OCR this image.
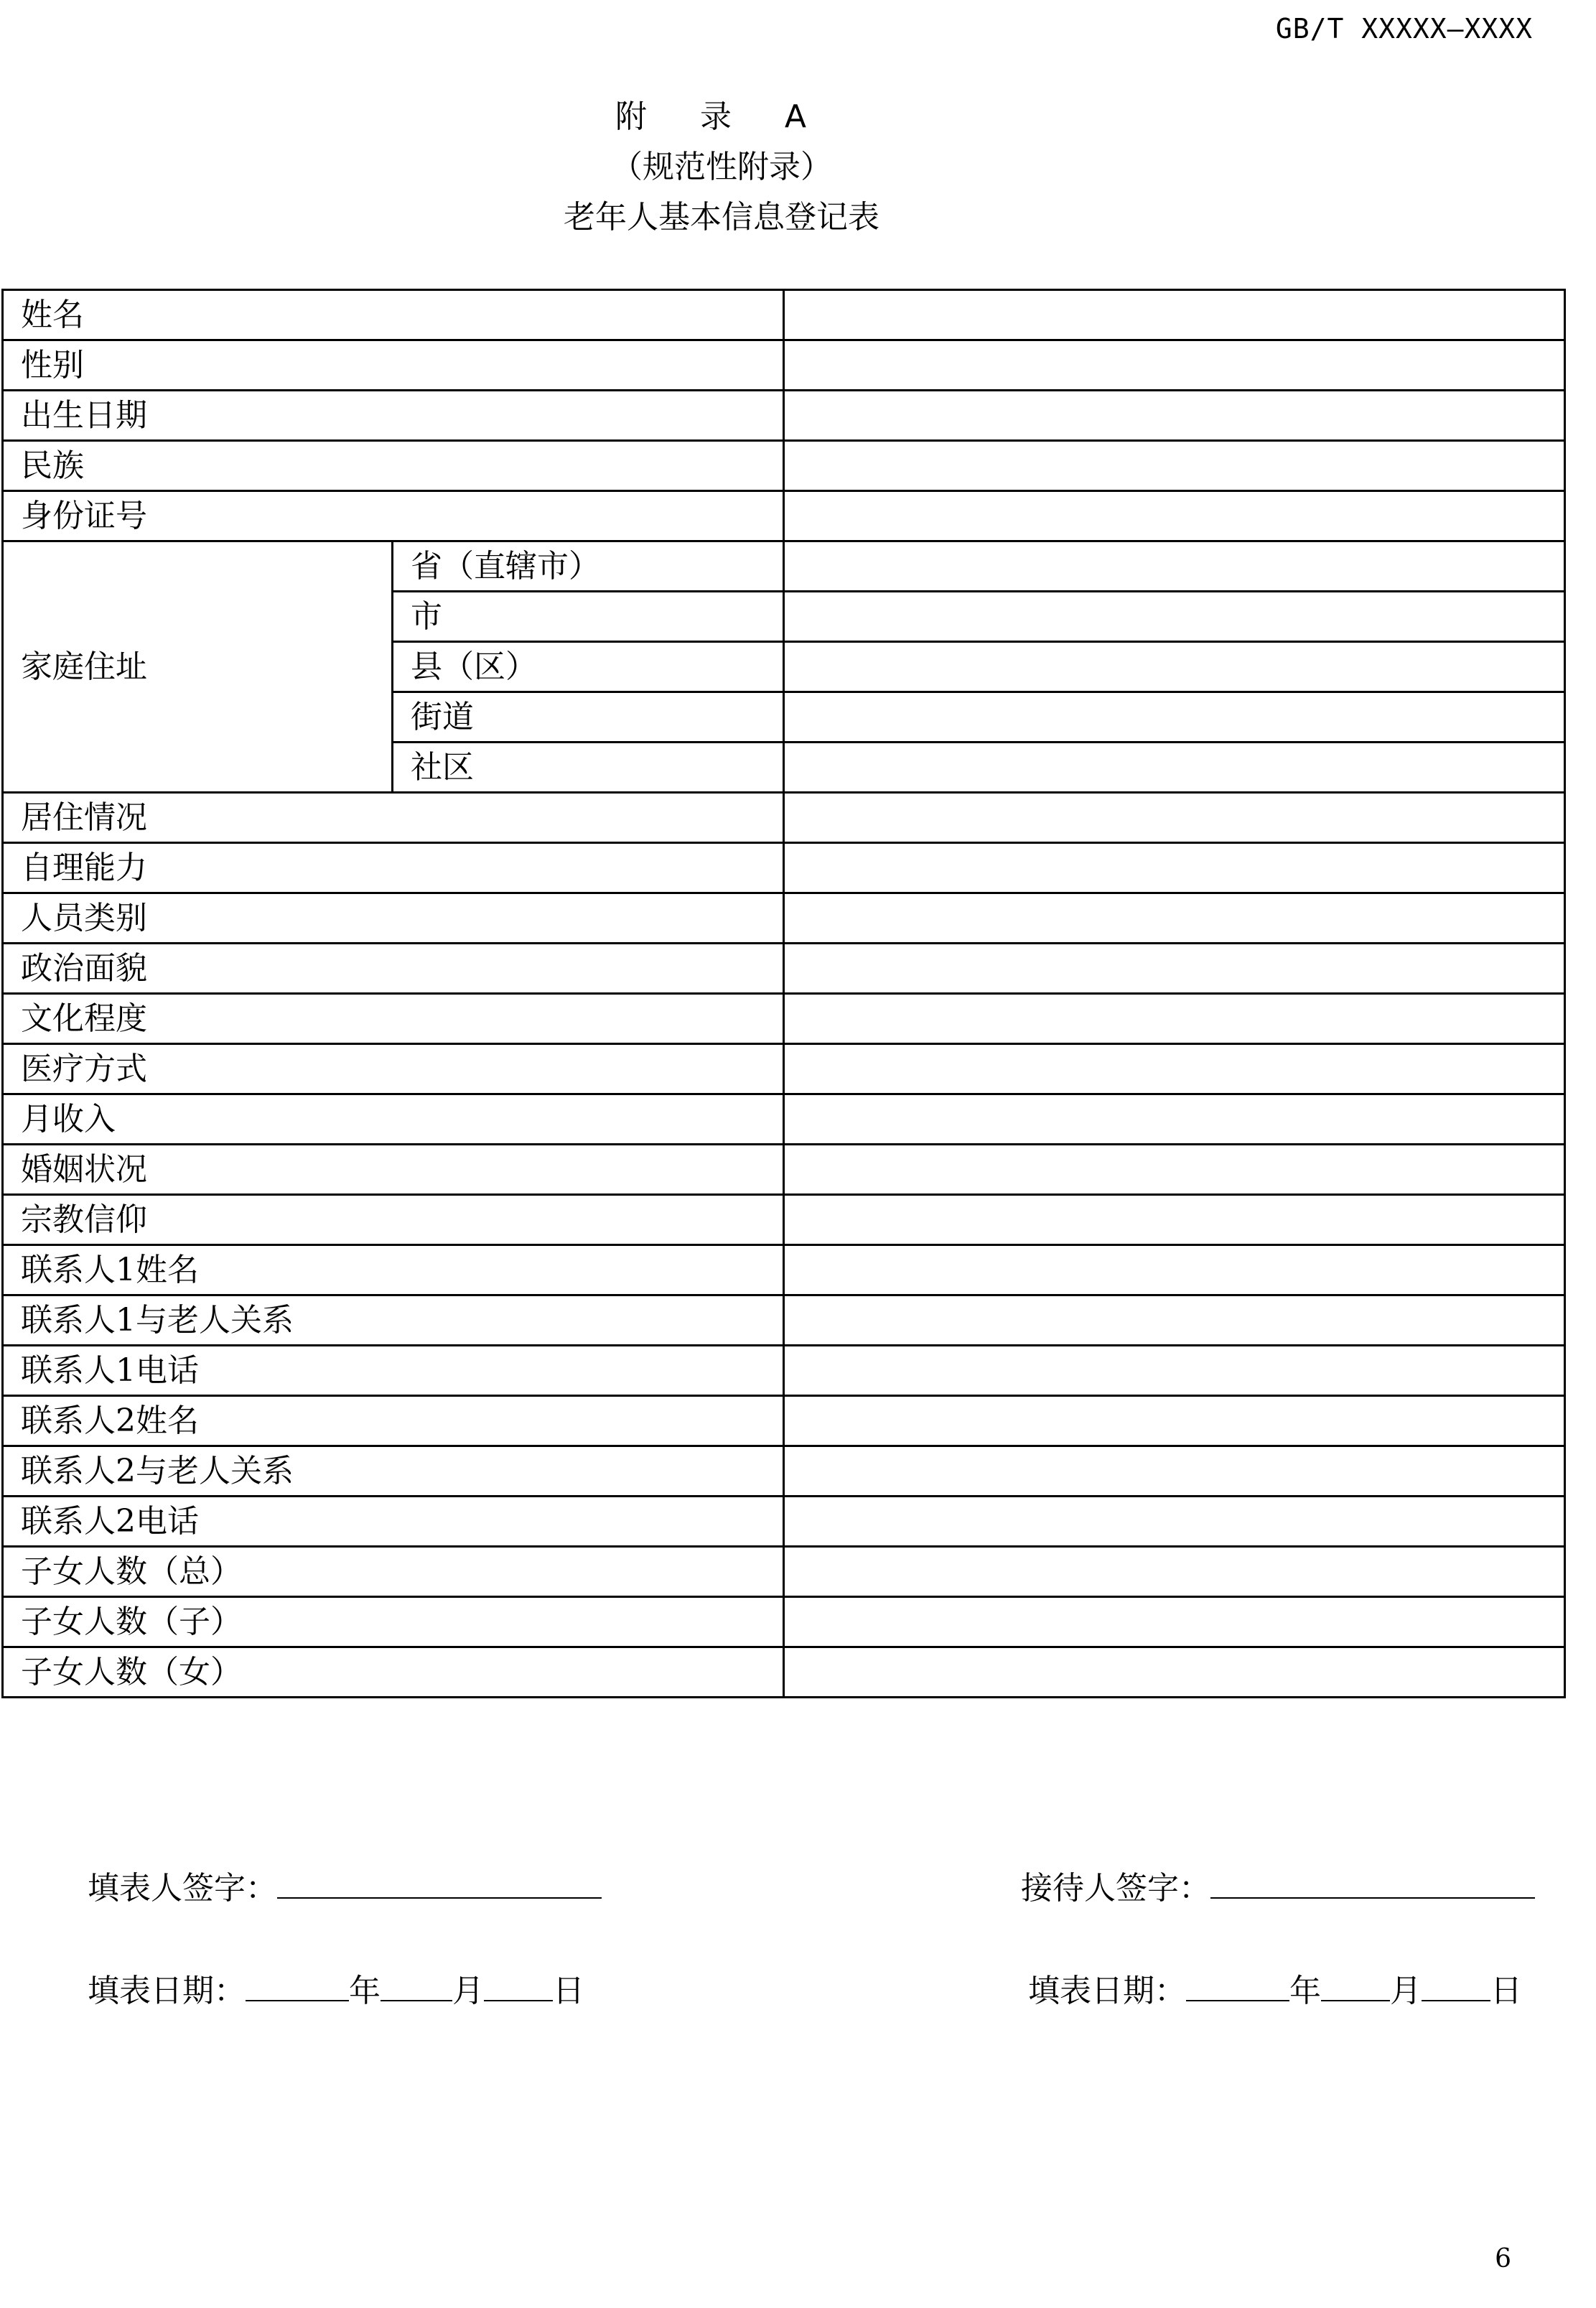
GB/T XXXXX—XXXX
附 录 A
（规范性附录）
老年人基本信息登记表
姓名		
性别		
出生日期		
民族		
身份证号		
家庭住址	省（直辖市）	
	市	
	县（区）	
	街道	
	社区	
居住情况		
自理能力		
人员类别		
政治面貌		
文化程度		
医疗方式		
月收入		
婚姻状况		
宗教信仰		
联系人1姓名		
联系人1与老人关系		
联系人1电话		
联系人2姓名		
联系人2与老人关系		
联系人2电话		
子女人数（总）		
子女人数（子）		
子女人数（女）		
填表人签字：	接待人签字：
填表日期：	年 月 日	填表日期：	年 月 日
6
